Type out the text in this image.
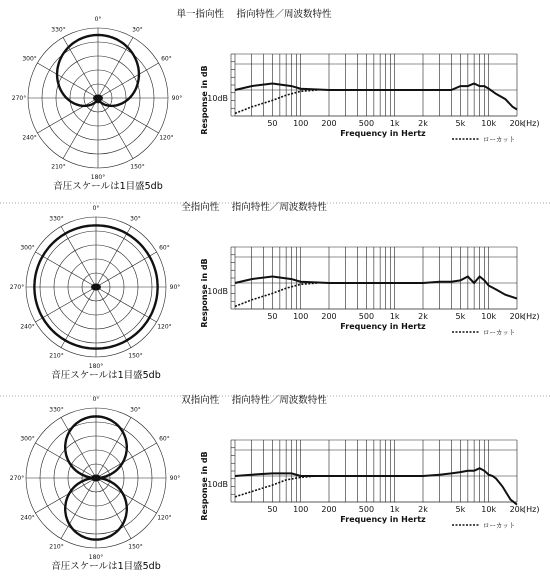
単一指向性　 指向特性／周波数特性
0°
30°
60°
90°
120°
150°
180°
210°
240°
270°
300°
330°
音圧スケールは1目盛5db
10dB
Response in dB	50 100 200	500 1k 2k	5k 10k 20k
(Hz)
Frequency in Hertz
ローカット
全指向性　 指向特性／周波数特性
0°
30°
60°
90°
120°
150°
180°
210°
240°
270°
300°
330°
音圧スケールは1目盛5db
10dB
Response in dB	50 100 200	500 1k 2k	5k 10k 20k
(Hz)
Frequency in Hertz
ローカット
双指向性　 指向特性／周波数特性
0°
30°
60°
90°
120°
150°
180°
210°
240°
270°
300°
330°
音圧スケールは1目盛5db
10dB
Response in dB	50 100 200	500 1k 2k	5k 10k 20k
(Hz)
Frequency in Hertz
ローカット
